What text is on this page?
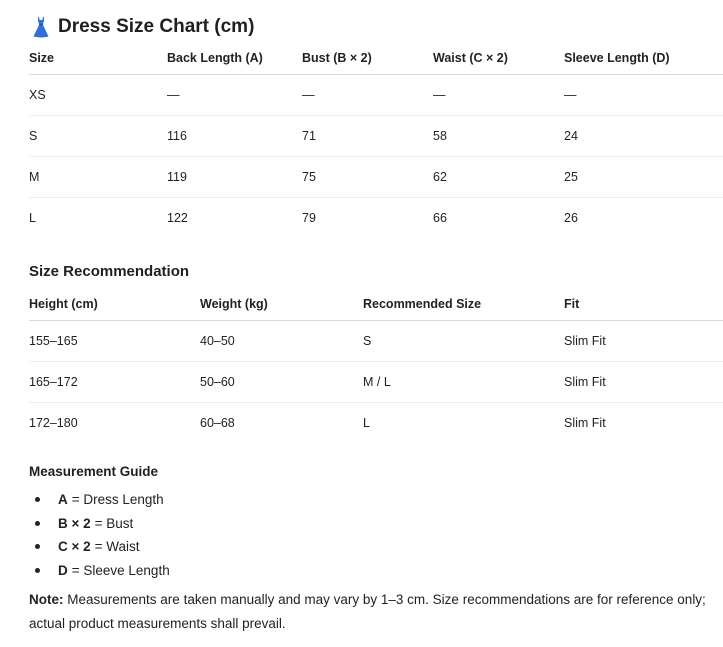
Dress Size Chart (cm)
Size	Back Length (A)	Bust (B × 2)	Waist (C × 2)	Sleeve Length (D)
XS	—	—	—	—
S	116	71	58	24
M	119	75	62	25
L	122	79	66	26
Size Recommendation
Height (cm)	Weight (kg)	Recommended Size	Fit
155–165	40–50	S	Slim Fit
165–172	50–60	M / L	Slim Fit
172–180	60–68	L	Slim Fit
Measurement Guide
A = Dress Length
B × 2 = Bust
C × 2 = Waist
D = Sleeve Length
Note: Measurements are taken manually and may vary by 1–3 cm. Size recommendations are for reference only; actual product measurements shall prevail.
